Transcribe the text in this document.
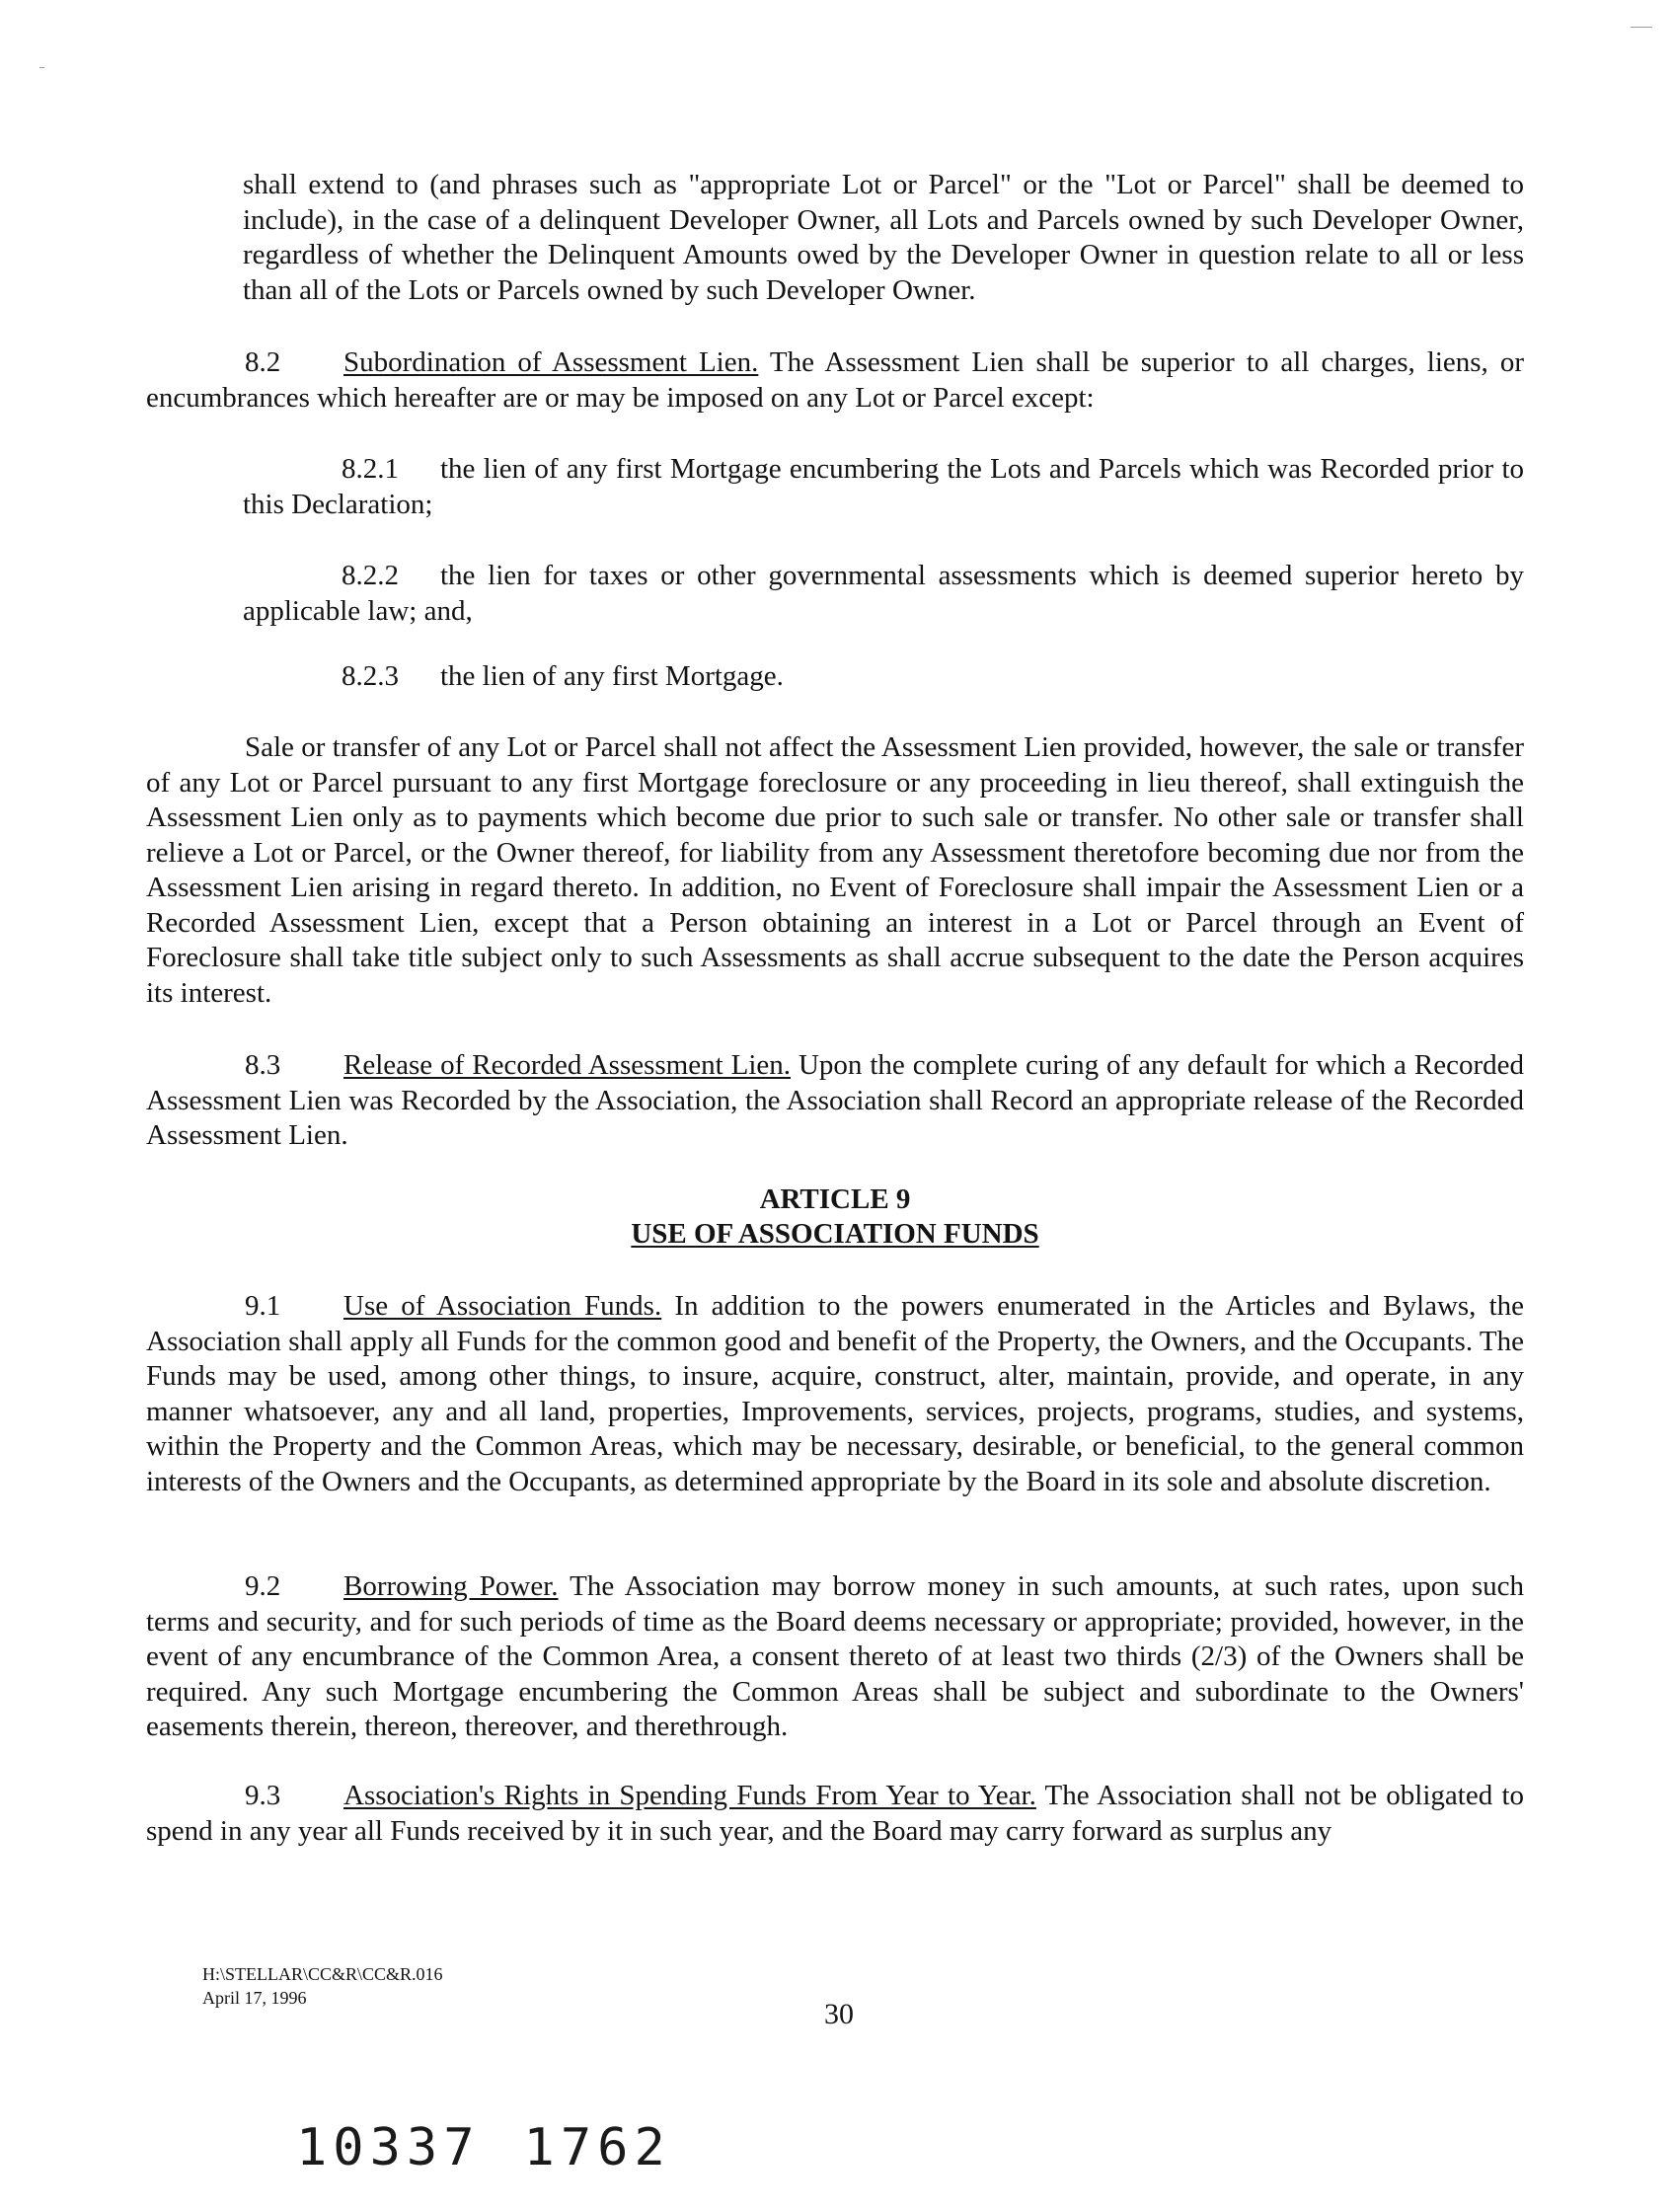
shall extend to (and phrases such as "appropriate Lot or Parcel" or the "Lot or Parcel" shall be deemed to include), in the case of a delinquent Developer Owner, all Lots and Parcels owned by such Developer Owner, regardless of whether the Delinquent Amounts owed by the Developer Owner in question relate to all or less than all of the Lots or Parcels owned by such Developer Owner.

8.2 Subordination of Assessment Lien. The Assessment Lien shall be superior to all charges, liens, or encumbrances which hereafter are or may be imposed on any Lot or Parcel except:

8.2.1 the lien of any first Mortgage encumbering the Lots and Parcels which was Recorded prior to this Declaration;

8.2.2 the lien for taxes or other governmental assessments which is deemed superior hereto by applicable law; and,

8.2.3 the lien of any first Mortgage.

Sale or transfer of any Lot or Parcel shall not affect the Assessment Lien provided, however, the sale or transfer of any Lot or Parcel pursuant to any first Mortgage foreclosure or any proceeding in lieu thereof, shall extinguish the Assessment Lien only as to payments which become due prior to such sale or transfer. No other sale or transfer shall relieve a Lot or Parcel, or the Owner thereof, for liability from any Assessment theretofore becoming due nor from the Assessment Lien arising in regard thereto. In addition, no Event of Foreclosure shall impair the Assessment Lien or a Recorded Assessment Lien, except that a Person obtaining an interest in a Lot or Parcel through an Event of Foreclosure shall take title subject only to such Assessments as shall accrue subsequent to the date the Person acquires its interest.

8.3 Release of Recorded Assessment Lien. Upon the complete curing of any default for which a Recorded Assessment Lien was Recorded by the Association, the Association shall Record an appropriate release of the Recorded Assessment Lien.

ARTICLE 9
USE OF ASSOCIATION FUNDS

9.1 Use of Association Funds. In addition to the powers enumerated in the Articles and Bylaws, the Association shall apply all Funds for the common good and benefit of the Property, the Owners, and the Occupants. The Funds may be used, among other things, to insure, acquire, construct, alter, maintain, provide, and operate, in any manner whatsoever, any and all land, properties, Improvements, services, projects, programs, studies, and systems, within the Property and the Common Areas, which may be necessary, desirable, or beneficial, to the general common interests of the Owners and the Occupants, as determined appropriate by the Board in its sole and absolute discretion.

9.2 Borrowing Power. The Association may borrow money in such amounts, at such rates, upon such terms and security, and for such periods of time as the Board deems necessary or appropriate; provided, however, in the event of any encumbrance of the Common Area, a consent thereto of at least two thirds (2/3) of the Owners shall be required. Any such Mortgage encumbering the Common Areas shall be subject and subordinate to the Owners' easements therein, thereon, thereover, and therethrough.

9.3 Association's Rights in Spending Funds From Year to Year. The Association shall not be obligated to spend in any year all Funds received by it in such year, and the Board may carry forward as surplus any

H:\STELLAR\CC&R\CC&R.016
April 17, 1996	30
10337 1762
